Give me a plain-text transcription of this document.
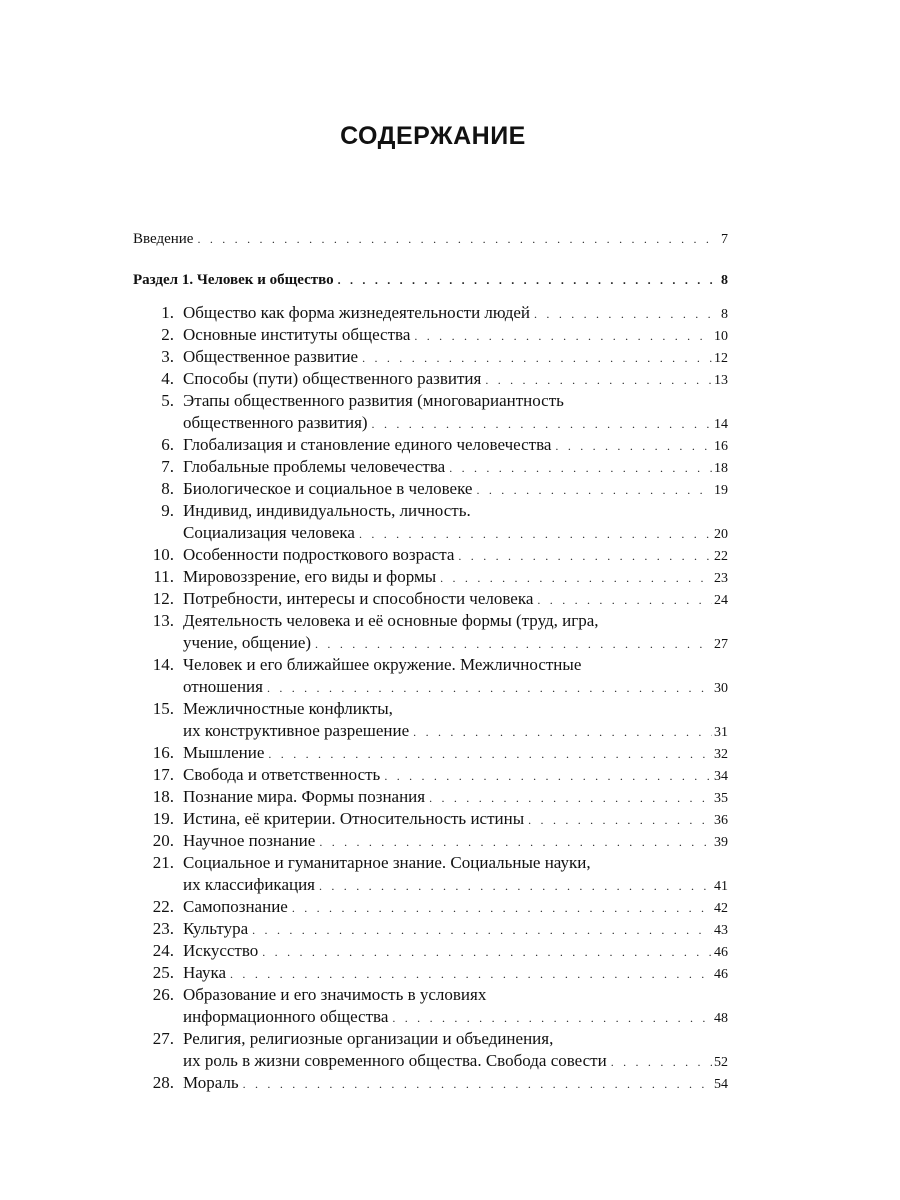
СОДЕРЖАНИЕ
Введение . . .	7
Раздел 1. Человек и общество . . .	8
1. Общество как форма жизнедеятельности людей . . .	8
2. Основные институты общества . . .	10
3. Общественное развитие . . .	12
4. Способы (пути) общественного развития . . .	13
5. Этапы общественного развития (многовариантность
общественного развития) . . .	14
6. Глобализация и становление единого человечества . . .	16
7. Глобальные проблемы человечества . . .	18
8. Биологическое и социальное в человеке . . .	19
9. Индивид, индивидуальность, личность.
Социализация человека . . .	20
10. Особенности подросткового возраста . . .	22
11. Мировоззрение, его виды и формы . . .	23
12. Потребности, интересы и способности человека . . .	24
13. Деятельность человека и её основные формы (труд, игра,
учение, общение) . . .	27
14. Человек и его ближайшее окружение. Межличностные
отношения . . .	30
15. Межличностные конфликты,
их конструктивное разрешение . . .	31
16. Мышление . . .	32
17. Свобода и ответственность . . .	34
18. Познание мира. Формы познания . . .	35
19. Истина, её критерии. Относительность истины . . .	36
20. Научное познание . . .	39
21. Социальное и гуманитарное знание. Социальные науки,
их классификация . . .	41
22. Самопознание . . .	42
23. Культура . . .	43
24. Искусство . . .	46
25. Наука . . .	46
26. Образование и его значимость в условиях
информационного общества . . .	48
27. Религия, религиозные организации и объединения,
их роль в жизни современного общества. Свобода совести . . .	52
28. Мораль . . .	54
